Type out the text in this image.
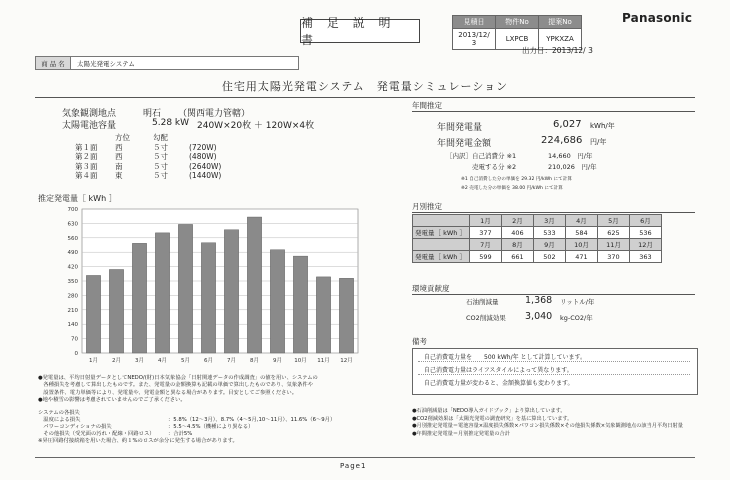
補 足 説 明 書
見積日	物件No	提案No
2013/12/ 3	LXPCB	YPKXZA
Panasonic
出力日：2013/12/ 3
商 品 名	太陽光発電システム
住宅用太陽光発電システム　発電量シミュレーション
気象観測地点	明石 （関西電力管轄）
太陽電池容量	5.28 kW 240W×20枚 ＋ 120W×4枚
	方位	勾配	
第１面	西	５寸	(720W)
第２面	西	５寸	(480W)
第３面	南	５寸	(2640W)
第４面	東	５寸	(1440W)
推定発電量［ kWh ］
0
70
140
210
280
350
420
490
560
630
700
1月	2月	3月	4月	5月	6月	7月	8月	9月 10月 11月 12月
●発電量は、平均日射量データとしてNEDO/(財)日本気象協会「日射関連データの作成調査」の値を用い、システムの
　各種損失を考慮して算出したものです。また、発電量の金額換算も記載の単価で算出したものであり、気象条件や
　設置条件、電力単価等により、発電量や、発電金額と異なる場合があります。目安としてご参照ください。
●地や積雪の影響は考慮されていませんのでご了承ください。
システムの各損失
　温度による損失	：5.8%（12～3月）、8.7%（4～5月,10～11月）、11.6%（6～9月）
　パワーコンディショナの損失	：5.5～4.5%（機種により異なる）
　その他損失（受光面の汚れ・配線・回路ロス）	：合計5%
※昇圧回路付接続箱を用いた場合、約１%のロスが余分に発生する場合があります。
年間推定
年間発電量	6,027 kWh/年
年間発電金額	224,686 円/年
［内訳］自己消費分 ※1	14,660　円/年
　　　　売電する分 ※2	210,026　円/年
※1 自己消費した分の単価を 29.32 円/kWh にて計算
※2 売電した分の単価を 38.00 円/kWh にて計算
月別推定
	1月	2月	3月	4月	5月	6月
発電量［ kWh ］	377	406	533	584	625	536
	7月	8月	9月	10月	11月	12月
発電量［ kWh ］	599	661	502	471	370	363
環境貢献度
石油削減量	1,368 リットル/年
CO2削減効果 3,040 kg-CO2/年
備考
自己消費電力量を　　500 kWh/年 として計算しています。
自己消費電力量はライフスタイルによって異なります。
自己消費電力量が変わると、金額換算値も変わります。
●石油削減量は「NEDO導入ガイドブック」より算出しています。
●CO2削減効果は「太陽光発電の調査研究」を基に算出しています。
●月別推定発電量＝電池容量×温度損失係数×パワコン損失係数×その他損失係数×気象観測地点の該当月平均日射量
●年間推定発電量＝月別推定発電量の合計
Page1
